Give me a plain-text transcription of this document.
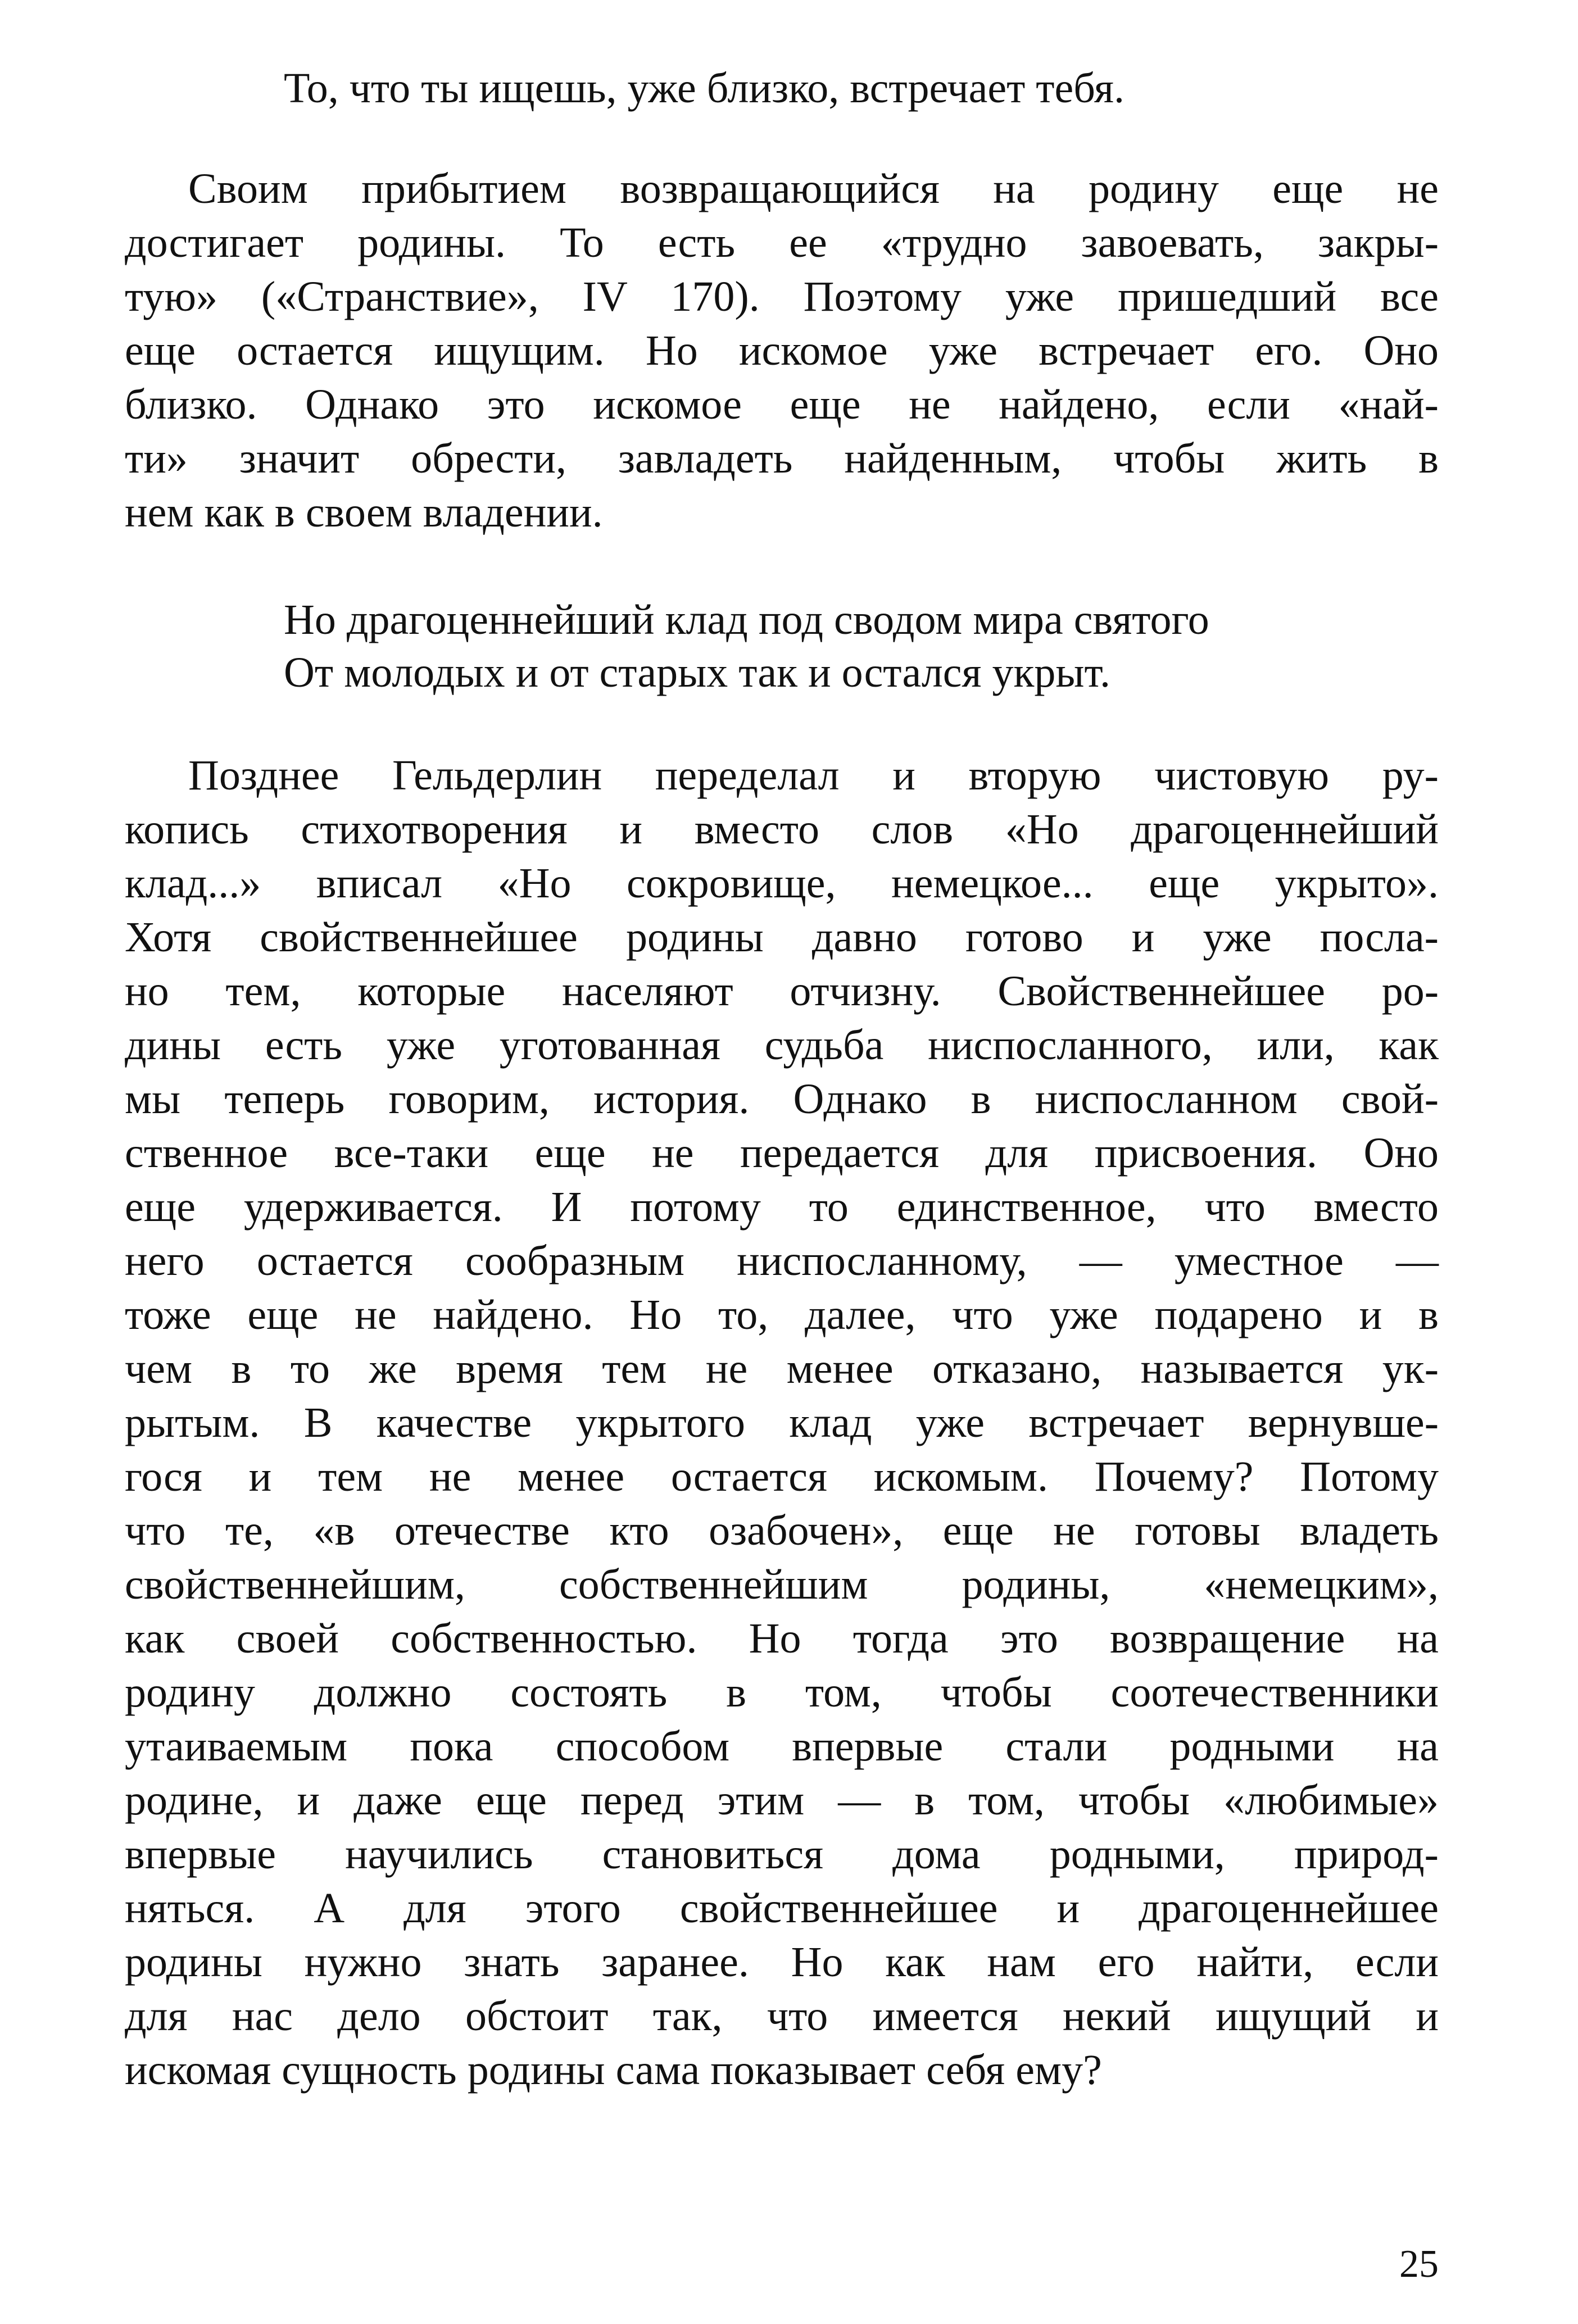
То, что ты ищешь, уже близко, встречает тебя.
Своим прибытием возвращающийся на родину еще не
достигает родины. То есть ее «трудно завоевать, закры-
тую» («Странствие», IV 170). Поэтому уже пришедший все
еще остается ищущим. Но искомое уже встречает его. Оно
близко. Однако это искомое еще не найдено, если «най-
ти» значит обрести, завладеть найденным, чтобы жить в
нем как в своем владении.
Но драгоценнейший клад под сводом мира святого
От молодых и от старых так и остался укрыт.
Позднее Гельдерлин переделал и вторую чистовую ру-
копись стихотворения и вместо слов «Но драгоценнейший
клад...» вписал «Но сокровище, немецкое... еще укрыто».
Хотя свойственнейшее родины давно готово и уже посла-
но тем, которые населяют отчизну. Свойственнейшее ро-
дины есть уже уготованная судьба ниспосланного, или, как
мы теперь говорим, история. Однако в ниспосланном свой-
ственное все-таки еще не передается для присвоения. Оно
еще удерживается. И потому то единственное, что вместо
него остается сообразным ниспосланному, — уместное —
тоже еще не найдено. Но то, далее, что уже подарено и в
чем в то же время тем не менее отказано, называется ук-
рытым. В качестве укрытого клад уже встречает вернувше-
гося и тем не менее остается искомым. Почему? Потому
что те, «в отечестве кто озабочен», еще не готовы владеть
свойственнейшим, собственнейшим родины, «немецким»,
как своей собственностью. Но тогда это возвращение на
родину должно состоять в том, чтобы соотечественники
утаиваемым пока способом впервые стали родными на
родине, и даже еще перед этим — в том, чтобы «любимые»
впервые научились становиться дома родными, природ-
няться. А для этого свойственнейшее и драгоценнейшее
родины нужно знать заранее. Но как нам его найти, если
для нас дело обстоит так, что имеется некий ищущий и
искомая сущность родины сама показывает себя ему?
25
